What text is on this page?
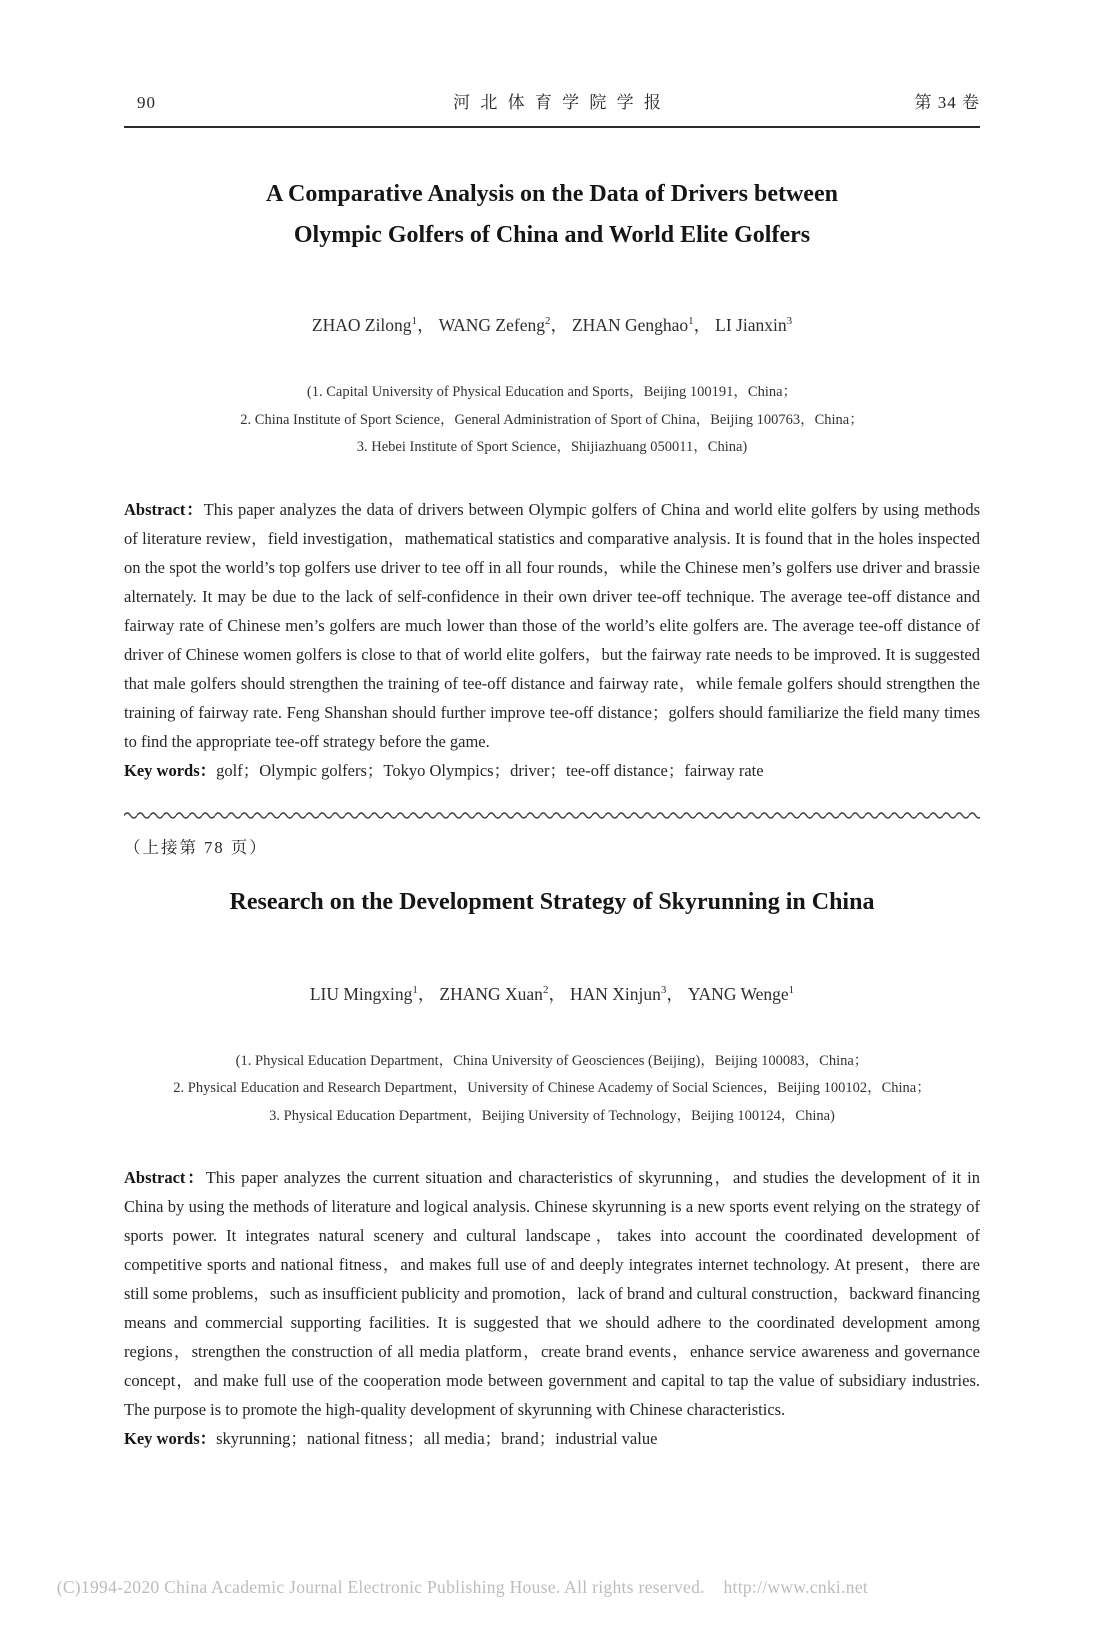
90	河 北 体 育 学 院 学 报	第 34 卷
A Comparative Analysis on the Data of Drivers between
Olympic Golfers of China and World Elite Golfers
ZHAO Zilong$^1$， WANG Zefeng$^2$， ZHAN Genghao$^1$， LI Jianxin$^3$
(1. Capital University of Physical Education and Sports，Beijing 100191，China；
2. China Institute of Sport Science，General Administration of Sport of China，Beijing 100763，China；
3. Hebei Institute of Sport Science，Shijiazhuang 050011，China)

Abstract：This paper analyzes the data of drivers between Olympic golfers of China and world elite golfers by using methods of literature review，field investigation，mathematical statistics and comparative analysis. It is found that in the holes inspected on the spot the world’s top golfers use driver to tee off in all four rounds，while the Chinese men’s golfers use driver and brassie alternately. It may be due to the lack of self-confidence in their own driver tee-off technique. The average tee-off distance and fairway rate of Chinese men’s golfers are much lower than those of the world’s elite golfers are. The average tee-off distance of driver of Chinese women golfers is close to that of world elite golfers，but the fairway rate needs to be improved. It is suggested that male golfers should strengthen the training of tee-off distance and fairway rate，while female golfers should strengthen the training of fairway rate. Feng Shanshan should further improve tee-off distance；golfers should familiarize the field many times to find the appropriate tee-off strategy before the game.

Key words：golf；Olympic golfers；Tokyo Olympics；driver；tee-off distance；fairway rate
（上接第 78 页）
Research on the Development Strategy of Skyrunning in China
LIU Mingxing$^1$， ZHANG Xuan$^2$， HAN Xinjun$^3$， YANG Wenge$^1$
(1. Physical Education Department，China University of Geosciences (Beijing)，Beijing 100083，China；
2. Physical Education and Research Department，University of Chinese Academy of Social Sciences，Beijing 100102，China；
3. Physical Education Department，Beijing University of Technology，Beijing 100124，China)

Abstract：This paper analyzes the current situation and characteristics of skyrunning，and studies the development of it in China by using the methods of literature and logical analysis. Chinese skyrunning is a new sports event relying on the strategy of sports power. It integrates natural scenery and cultural landscape，takes into account the coordinated development of competitive sports and national fitness，and makes full use of and deeply integrates internet technology. At present，there are still some problems，such as insufficient publicity and promotion，lack of brand and cultural construction，backward financing means and commercial supporting facilities. It is suggested that we should adhere to the coordinated development among regions，strengthen the construction of all media platform，create brand events，enhance service awareness and governance concept，and make full use of the cooperation mode between government and capital to tap the value of subsidiary industries. The purpose is to promote the high-quality development of skyrunning with Chinese characteristics.

Key words：skyrunning；national fitness；all media；brand；industrial value

(C)1994-2020 China Academic Journal Electronic Publishing House. All rights reserved. http://www.cnki.net
